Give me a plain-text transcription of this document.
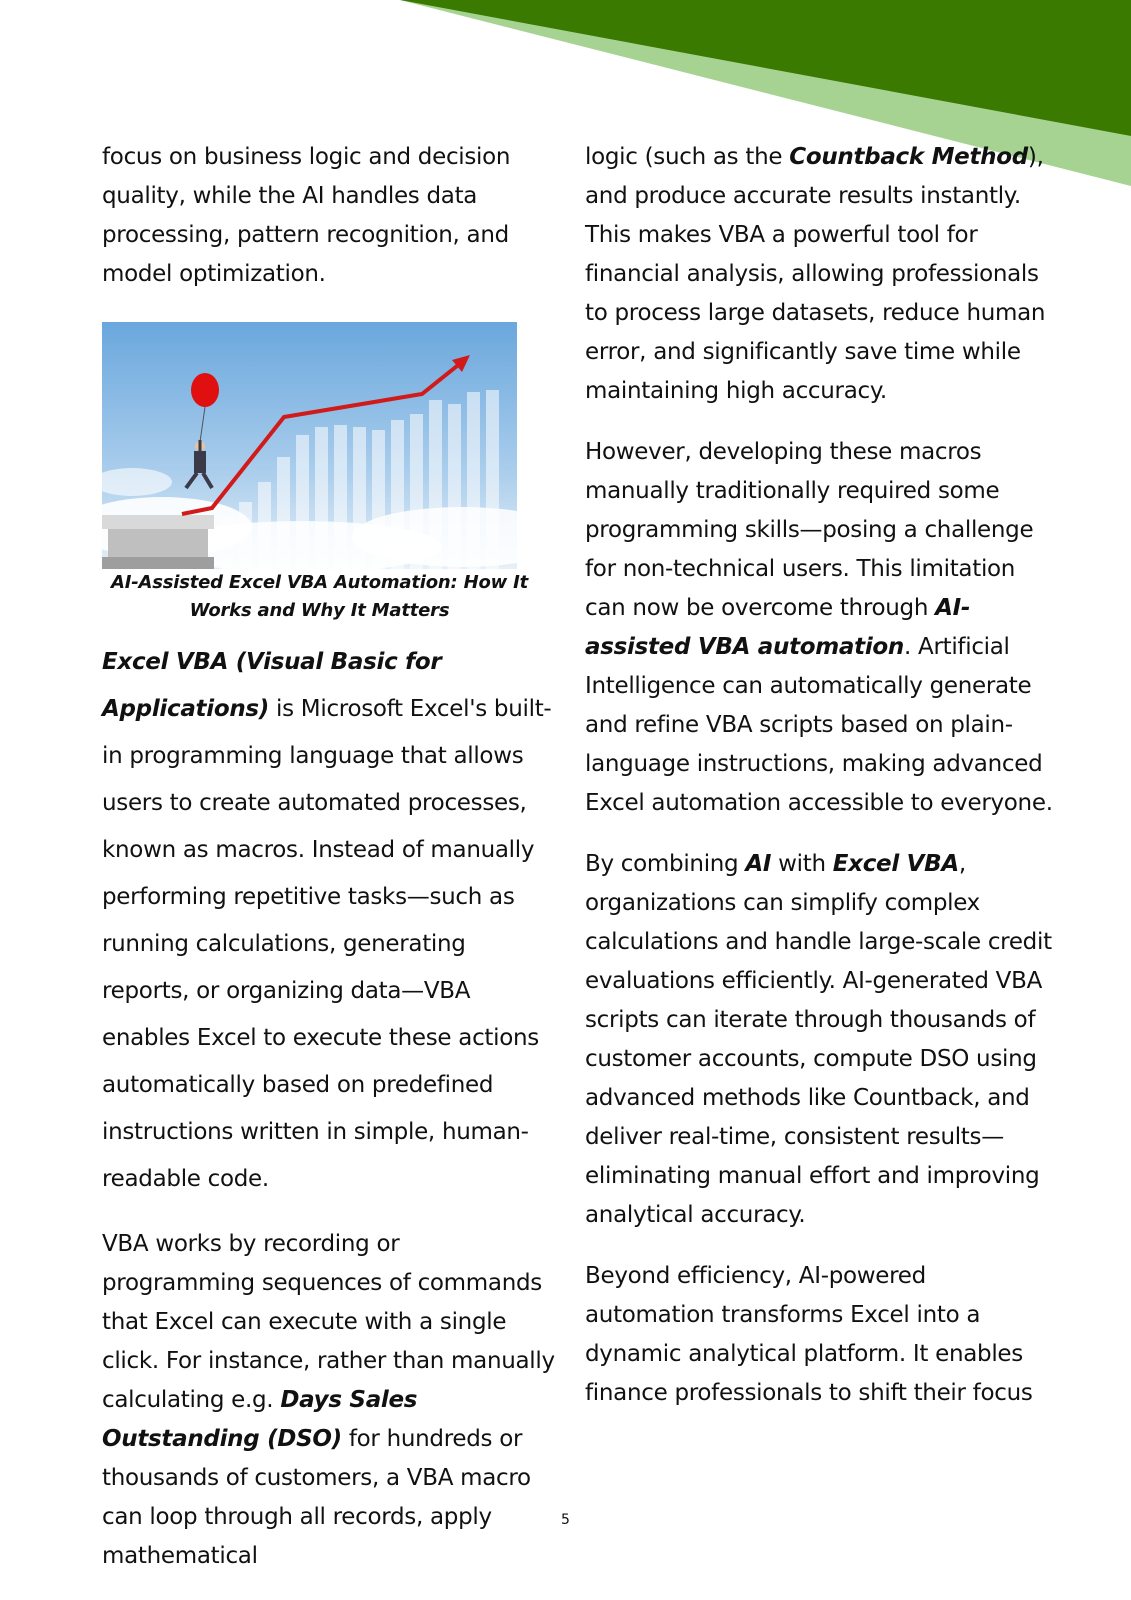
focus on business logic and decision quality, while the AI handles data processing, pattern recognition, and model optimization.

AI-Assisted Excel VBA Automation: How It Works and Why It Matters

Excel VBA (Visual Basic for Applications) is Microsoft Excel's built-in programming language that allows users to create automated processes, known as macros. Instead of manually performing repetitive tasks—such as running calculations, generating reports, or organizing data—VBA enables Excel to execute these actions automatically based on predefined instructions written in simple, human-readable code.

VBA works by recording or programming sequences of commands that Excel can execute with a single click. For instance, rather than manually calculating e.g. Days Sales Outstanding (DSO) for hundreds or thousands of customers, a VBA macro can loop through all records, apply mathematical

logic (such as the Countback Method), and produce accurate results instantly. This makes VBA a powerful tool for financial analysis, allowing professionals to process large datasets, reduce human error, and significantly save time while maintaining high accuracy.

However, developing these macros manually traditionally required some programming skills—posing a challenge for non-technical users. This limitation can now be overcome through AI-assisted VBA automation. Artificial Intelligence can automatically generate and refine VBA scripts based on plain-language instructions, making advanced Excel automation accessible to everyone.

By combining AI with Excel VBA, organizations can simplify complex calculations and handle large-scale credit evaluations efficiently. AI-generated VBA scripts can iterate through thousands of customer accounts, compute DSO using advanced methods like Countback, and deliver real-time, consistent results—eliminating manual effort and improving analytical accuracy.

Beyond efficiency, AI-powered automation transforms Excel into a dynamic analytical platform. It enables finance professionals to shift their focus

5
